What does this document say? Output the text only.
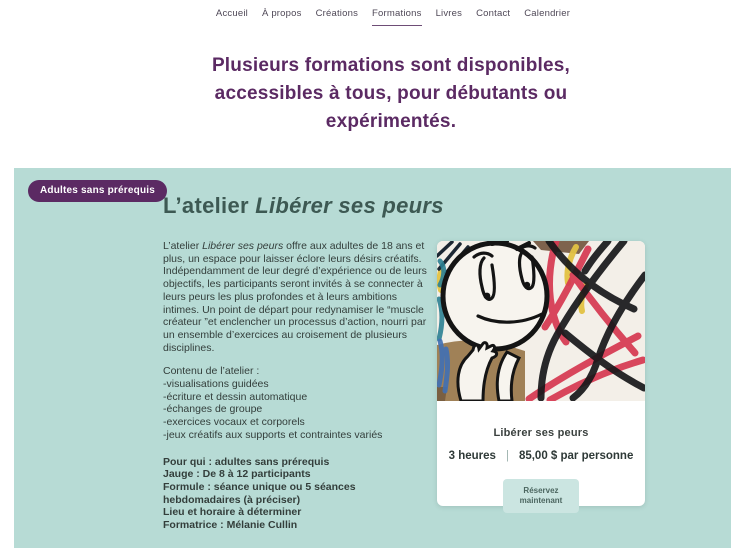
Accueil À propos Créations Formations Livres Contact Calendrier
Plusieurs formations sont disponibles, accessibles à tous, pour débutants ou expérimentés.
Adultes sans prérequis
L’atelier Libérer ses peurs

L’atelier Libérer ses peurs offre aux adultes de 18 ans et plus, un espace pour laisser éclore leurs désirs créatifs. Indépendamment de leur degré d’expérience ou de leurs objectifs, les participants seront invités à se connecter à leurs peurs les plus profondes et à leurs ambitions intimes. Un point de départ pour redynamiser le “muscle créateur ”et enclencher un processus d’action, nourri par un ensemble d’exercices au croisement de plusieurs disciplines.

Contenu de l’atelier :

-visualisations guidées

-écriture et dessin automatique

-échanges de groupe

-exercices vocaux et corporels

-jeux créatifs aux supports et contraintes variés

Pour qui : adultes sans prérequis

Jauge : De 8 à 12 participants

Formule : séance unique ou 5 séances hebdomadaires (à préciser)

Lieu et horaire à déterminer

Formatrice : Mélanie Cullin

Libérer ses peurs
3 heures | 85,00 $ par personne
Réservez maintenant
